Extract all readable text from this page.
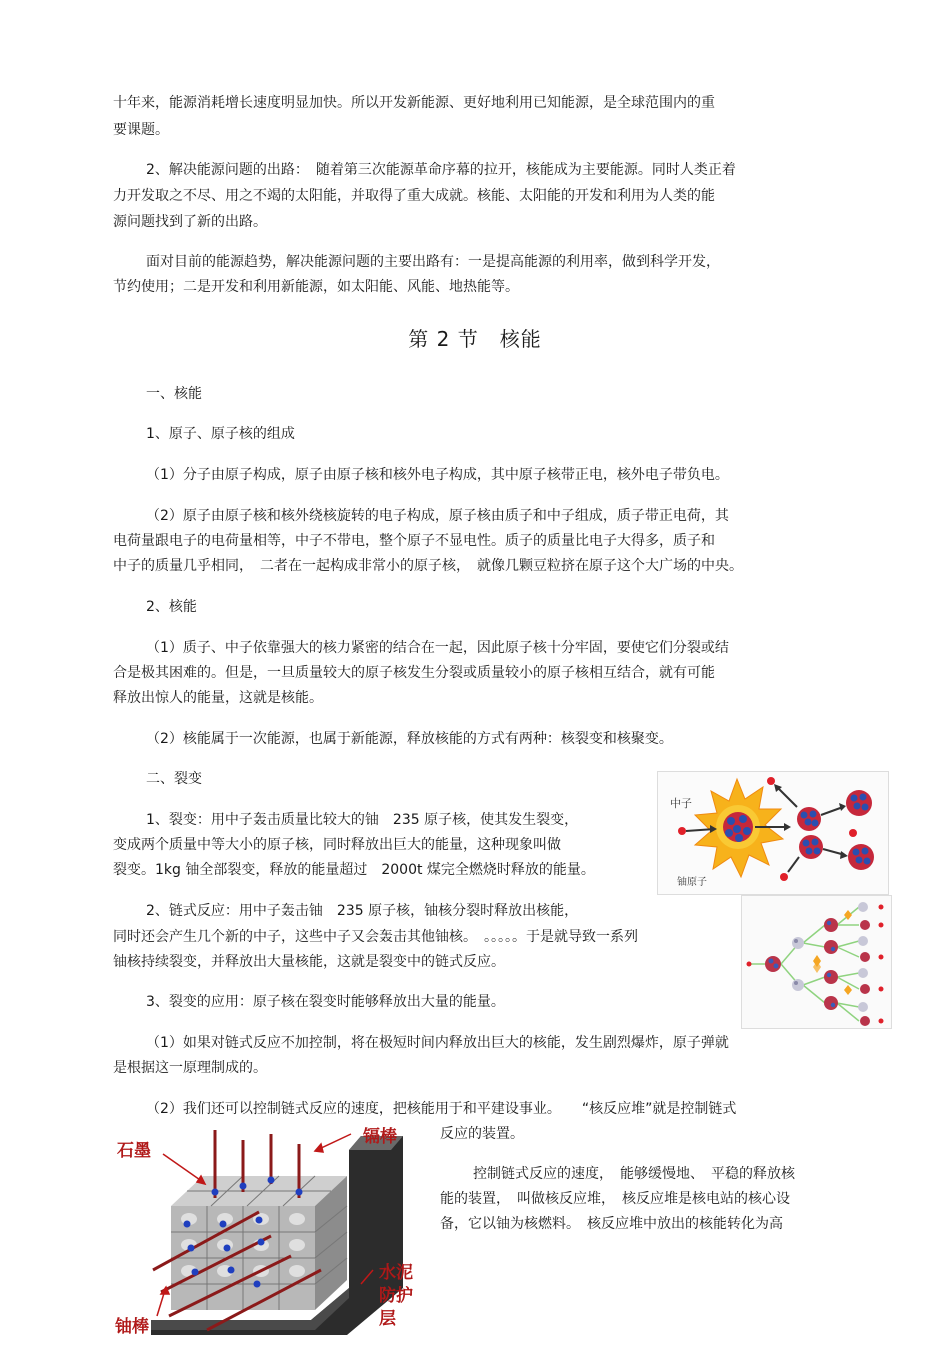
十年来，能源消耗增长速度明显加快。所以开发新能源、更好地利用已知能源，是全球范围内的重
要课题。
2、解决能源问题的出路：　随着第三次能源革命序幕的拉开，核能成为主要能源。同时人类正着
力开发取之不尽、用之不竭的太阳能，并取得了重大成就。核能、太阳能的开发和利用为人类的能
源问题找到了新的出路。
面对目前的能源趋势，解决能源问题的主要出路有：一是提高能源的利用率，做到科学开发，
节约使用；二是开发和利用新能源，如太阳能、风能、地热能等。
第 2 节　核能
一、核能
1、原子、原子核的组成
（1）分子由原子构成，原子由原子核和核外电子构成，其中原子核带正电，核外电子带负电。
（2）原子由原子核和核外绕核旋转的电子构成，原子核由质子和中子组成，质子带正电荷，其
电荷量跟电子的电荷量相等，中子不带电，整个原子不显电性。质子的质量比电子大得多，质子和
中子的质量几乎相同，　二者在一起构成非常小的原子核，　就像几颗豆粒挤在原子这个大广场的中央。
2、核能
（1）质子、中子依靠强大的核力紧密的结合在一起，因此原子核十分牢固，要使它们分裂或结
合是极其困难的。但是，一旦质量较大的原子核发生分裂或质量较小的原子核相互结合，就有可能
释放出惊人的能量，这就是核能。
（2）核能属于一次能源，也属于新能源，释放核能的方式有两种：核裂变和核聚变。
二、裂变
1、裂变：用中子轰击质量比较大的铀　235 原子核，使其发生裂变，
变成两个质量中等大小的原子核，同时释放出巨大的能量，这种现象叫做
裂变。1kg 铀全部裂变，释放的能量超过　2000t 煤完全燃烧时释放的能量。
2、链式反应：用中子轰击铀　235 原子核，铀核分裂时释放出核能，
同时还会产生几个新的中子，这些中子又会轰击其他铀核。　。。。。。于是就导致一系列
铀核持续裂变，并释放出大量核能，这就是裂变中的链式反应。
3、裂变的应用：原子核在裂变时能够释放出大量的能量。
（1）如果对链式反应不加控制，将在极短时间内释放出巨大的核能，发生剧烈爆炸，原子弹就
是根据这一原理制成的。
（2）我们还可以控制链式反应的速度，把核能用于和平建设事业。　　“核反应堆”就是控制链式
反应的装置。
控制链式反应的速度，　能够缓慢地、　平稳的释放核
能的装置，　叫做核反应堆，　核反应堆是核电站的核心设
备，它以铀为核燃料。　核反应堆中放出的核能转化为高
中子
铀原子
石墨
镉棒
铀棒
水泥
防护
层
